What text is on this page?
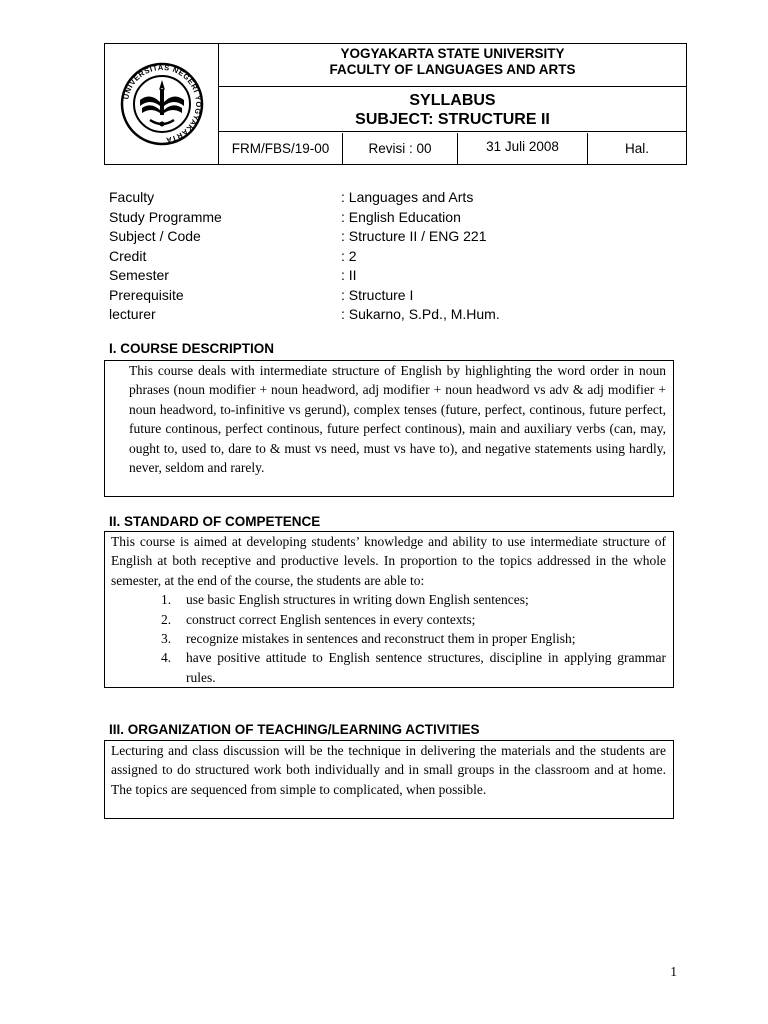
UNIVERSITAS NEGERI YOGYAKARTA
YOGYAKARTA STATE UNIVERSITY
FACULTY OF LANGUAGES AND ARTS
SYLLABUS
SUBJECT: STRUCTURE II
FRM/FBS/19-00	Revisi : 00	31 Juli 2008	Hal.
Faculty	: Languages and Arts
Study Programme	: English Education
Subject / Code	: Structure II / ENG 221
Credit	: 2
Semester	: II
Prerequisite	: Structure I
lecturer	: Sukarno, S.Pd., M.Hum.
I. COURSE DESCRIPTION

This course deals with intermediate structure of English by highlighting the word order in noun phrases (noun modifier + noun headword, adj modifier + noun headword vs adv & adj modifier + noun headword, to-infinitive vs gerund), complex tenses (future, perfect, continous, future perfect, future continous, perfect continous, future perfect continous), main and auxiliary verbs (can, may, ought to, used to, dare to & must vs need, must vs have to), and negative statements using hardly, never, seldom and rarely.

II. STANDARD OF COMPETENCE

This course is aimed at developing students’ knowledge and ability to use intermediate structure of English at both receptive and productive levels. In proportion to the topics addressed in the whole semester, at the end of the course, the students are able to:

1. use basic English structures in writing down English sentences;
2. construct correct English sentences in every contexts;
3. recognize mistakes in sentences and reconstruct them in proper English;
4. have positive attitude to English sentence structures, discipline in applying grammar rules.
III. ORGANIZATION OF TEACHING/LEARNING ACTIVITIES

Lecturing and class discussion will be the technique in delivering the materials and the students are assigned to do structured work both individually and in small groups in the classroom and at home. The topics are sequenced from simple to complicated, when possible.

1
